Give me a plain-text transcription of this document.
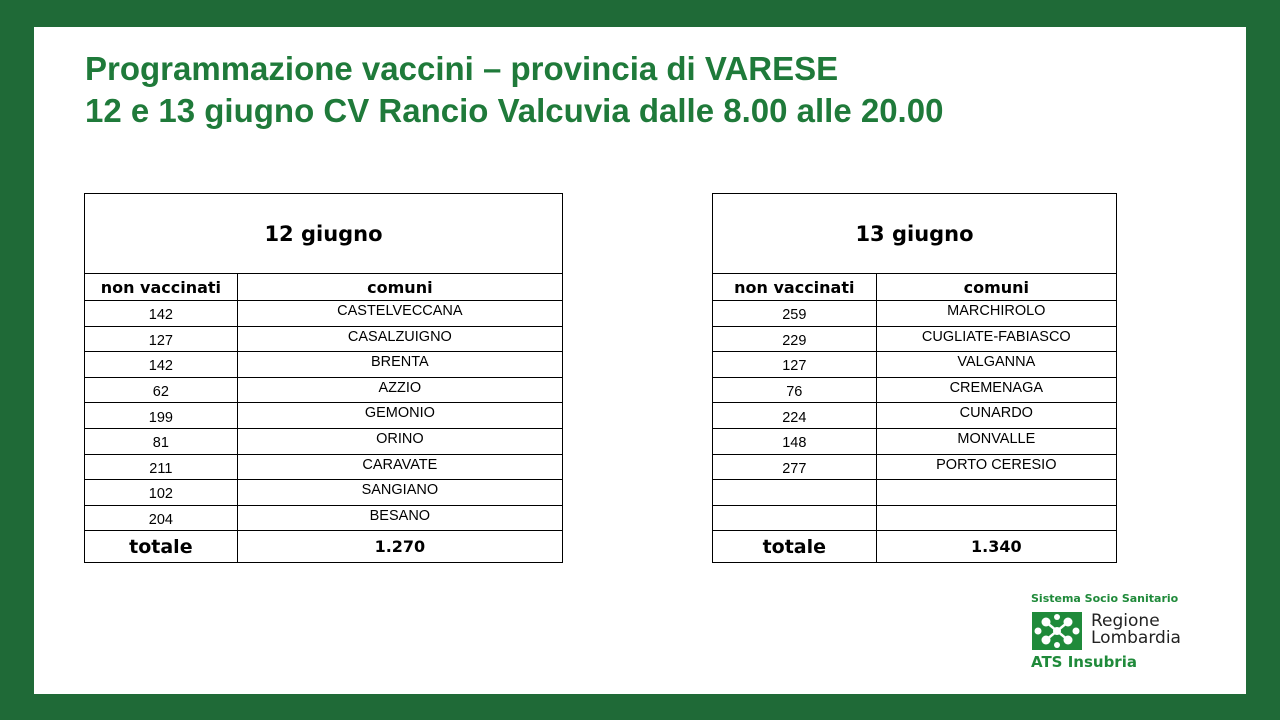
Programmazione vaccini – provincia di VARESE
12 e 13 giugno CV Rancio Valcuvia dalle 8.00 alle 20.00
12 giugno	
non vaccinati	comuni
142	CASTELVECCANA
127	CASALZUIGNO
142	BRENTA
62	AZZIO
199	GEMONIO
81	ORINO
211	CARAVATE
102	SANGIANO
204	BESANO
totale	1.270
13 giugno	
non vaccinati	comuni
259	MARCHIROLO
229	CUGLIATE-FABIASCO
127	VALGANNA
76	CREMENAGA
224	CUNARDO
148	MONVALLE
277	PORTO CERESIO

totale	1.340
Sistema Socio Sanitario
Regione
Lombardia
ATS Insubria
